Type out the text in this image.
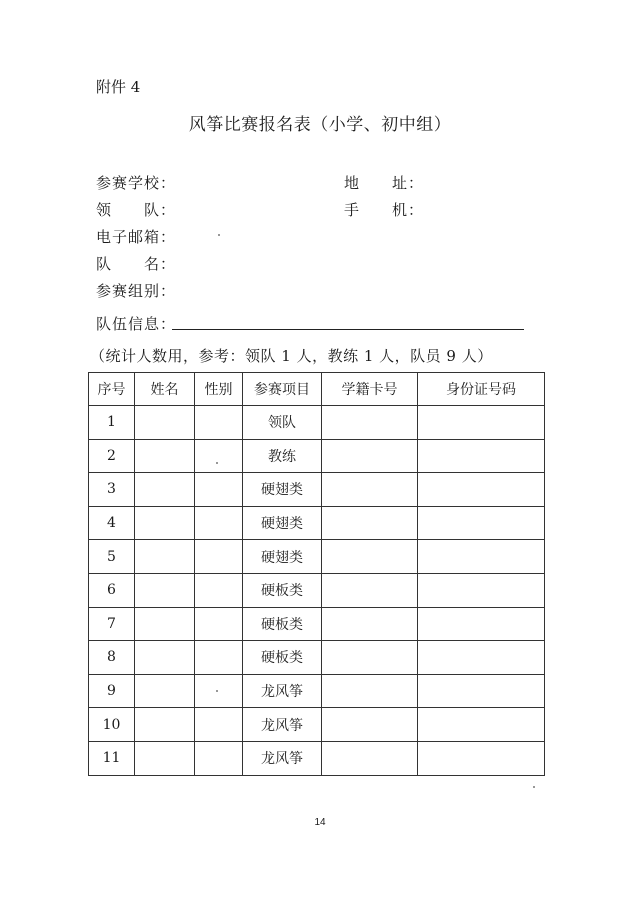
附件 4
风筝比赛报名表（小学、初中组）
参赛学校：	地　　址：
领　　队：	手　　机：
电子邮箱：
队　　名：
参赛组别：
队伍信息：
（统计人数用，参考：领队 1 人，教练 1 人，队员 9 人）
序号	姓名	性别	参赛项目	学籍卡号	身份证号码
1			领队		
2			教练		
3			硬翅类		
4			硬翅类		
5			硬翅类		
6			硬板类		
7			硬板类		
8			硬板类		
9			龙风筝		
10			龙风筝		
11			龙风筝		
14
